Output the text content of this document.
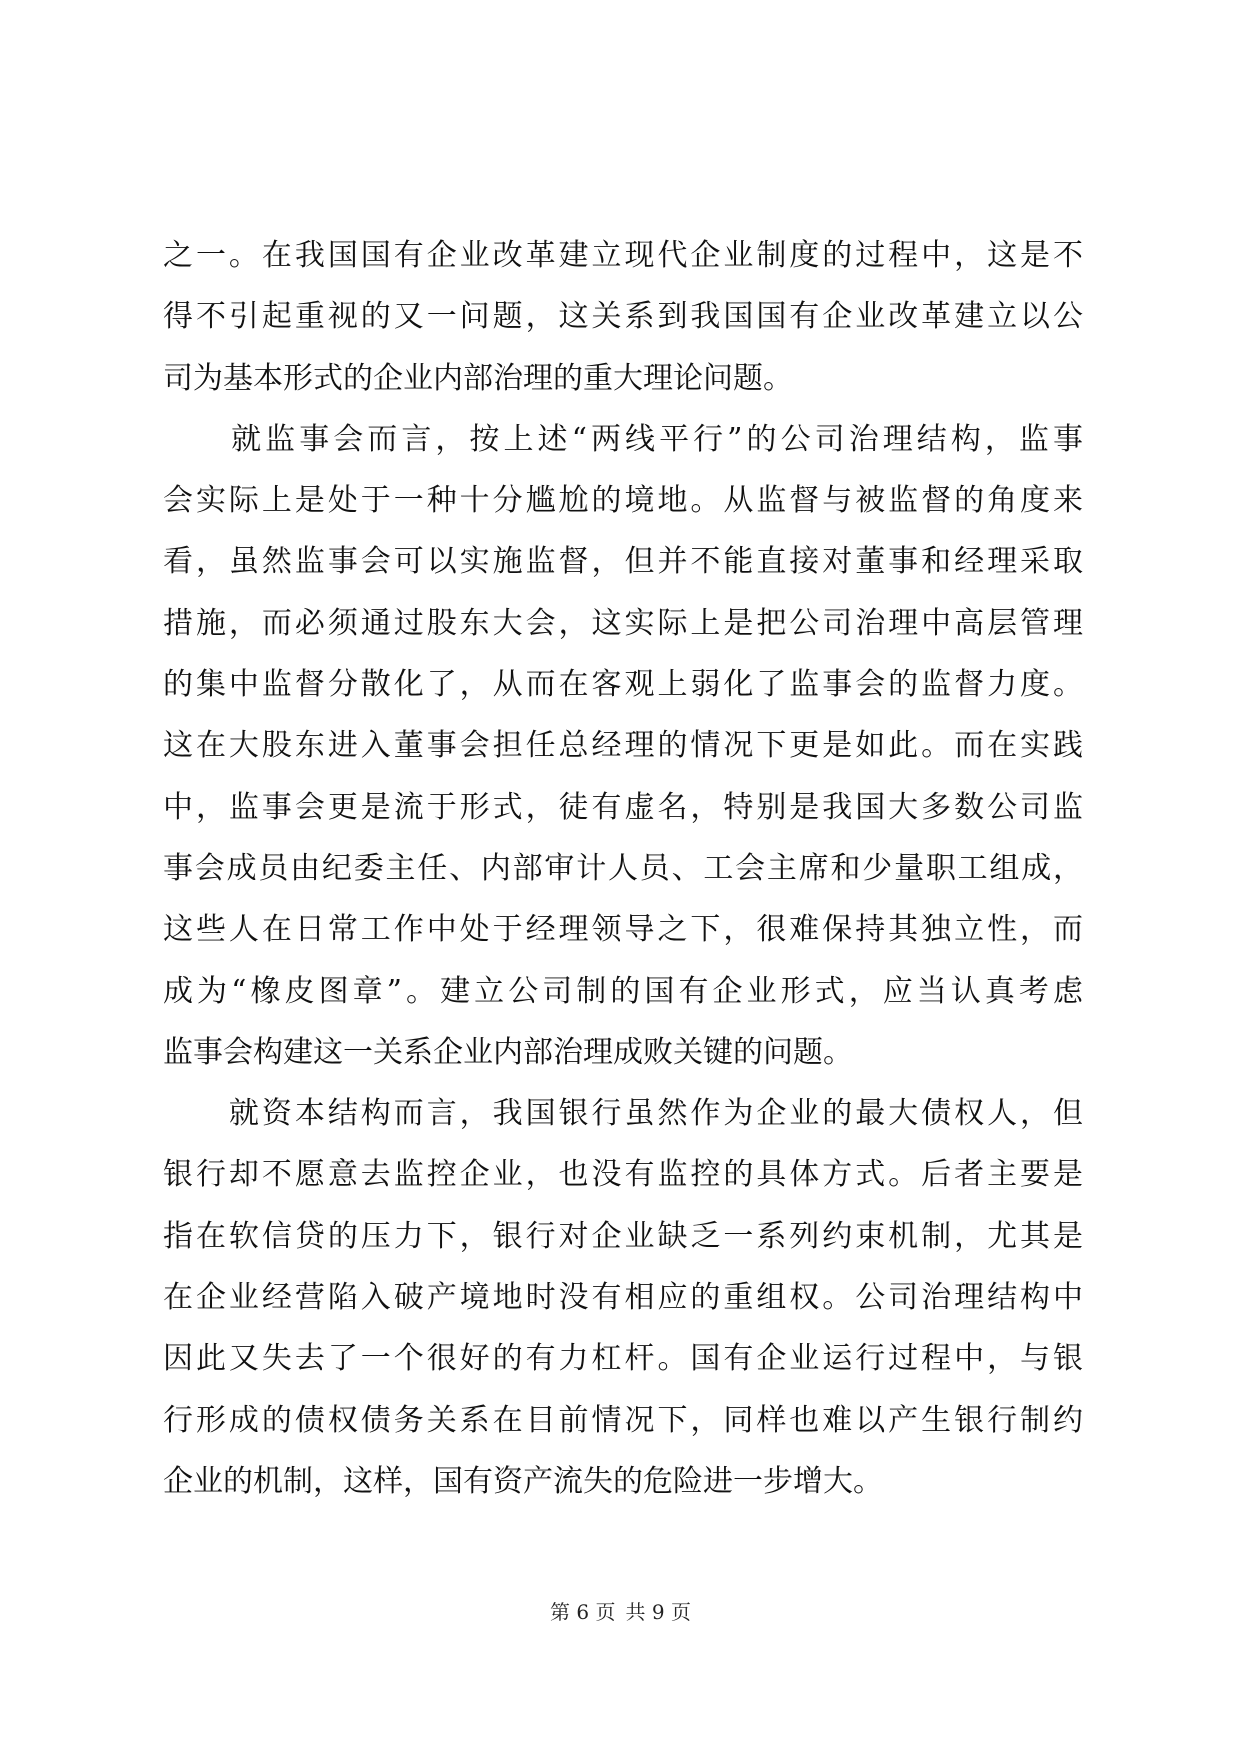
之一。在我国国有企业改革建立现代企业制度的过程中，这是不
得不引起重视的又一问题，这关系到我国国有企业改革建立以公
司为基本形式的企业内部治理的重大理论问题。
　　就监事会而言，按上述“两线平行”的公司治理结构，监事
会实际上是处于一种十分尴尬的境地。从监督与被监督的角度来
看，虽然监事会可以实施监督，但并不能直接对董事和经理采取
措施，而必须通过股东大会，这实际上是把公司治理中高层管理
的集中监督分散化了，从而在客观上弱化了监事会的监督力度。
这在大股东进入董事会担任总经理的情况下更是如此。而在实践
中，监事会更是流于形式，徒有虚名，特别是我国大多数公司监
事会成员由纪委主任、内部审计人员、工会主席和少量职工组成，
这些人在日常工作中处于经理领导之下，很难保持其独立性，而
成为“橡皮图章”。建立公司制的国有企业形式，应当认真考虑
监事会构建这一关系企业内部治理成败关键的问题。
　　就资本结构而言，我国银行虽然作为企业的最大债权人，但
银行却不愿意去监控企业，也没有监控的具体方式。后者主要是
指在软信贷的压力下，银行对企业缺乏一系列约束机制，尤其是
在企业经营陷入破产境地时没有相应的重组权。公司治理结构中
因此又失去了一个很好的有力杠杆。国有企业运行过程中，与银
行形成的债权债务关系在目前情况下，同样也难以产生银行制约
企业的机制，这样，国有资产流失的危险进一步增大。
第 6 页 共 9 页
